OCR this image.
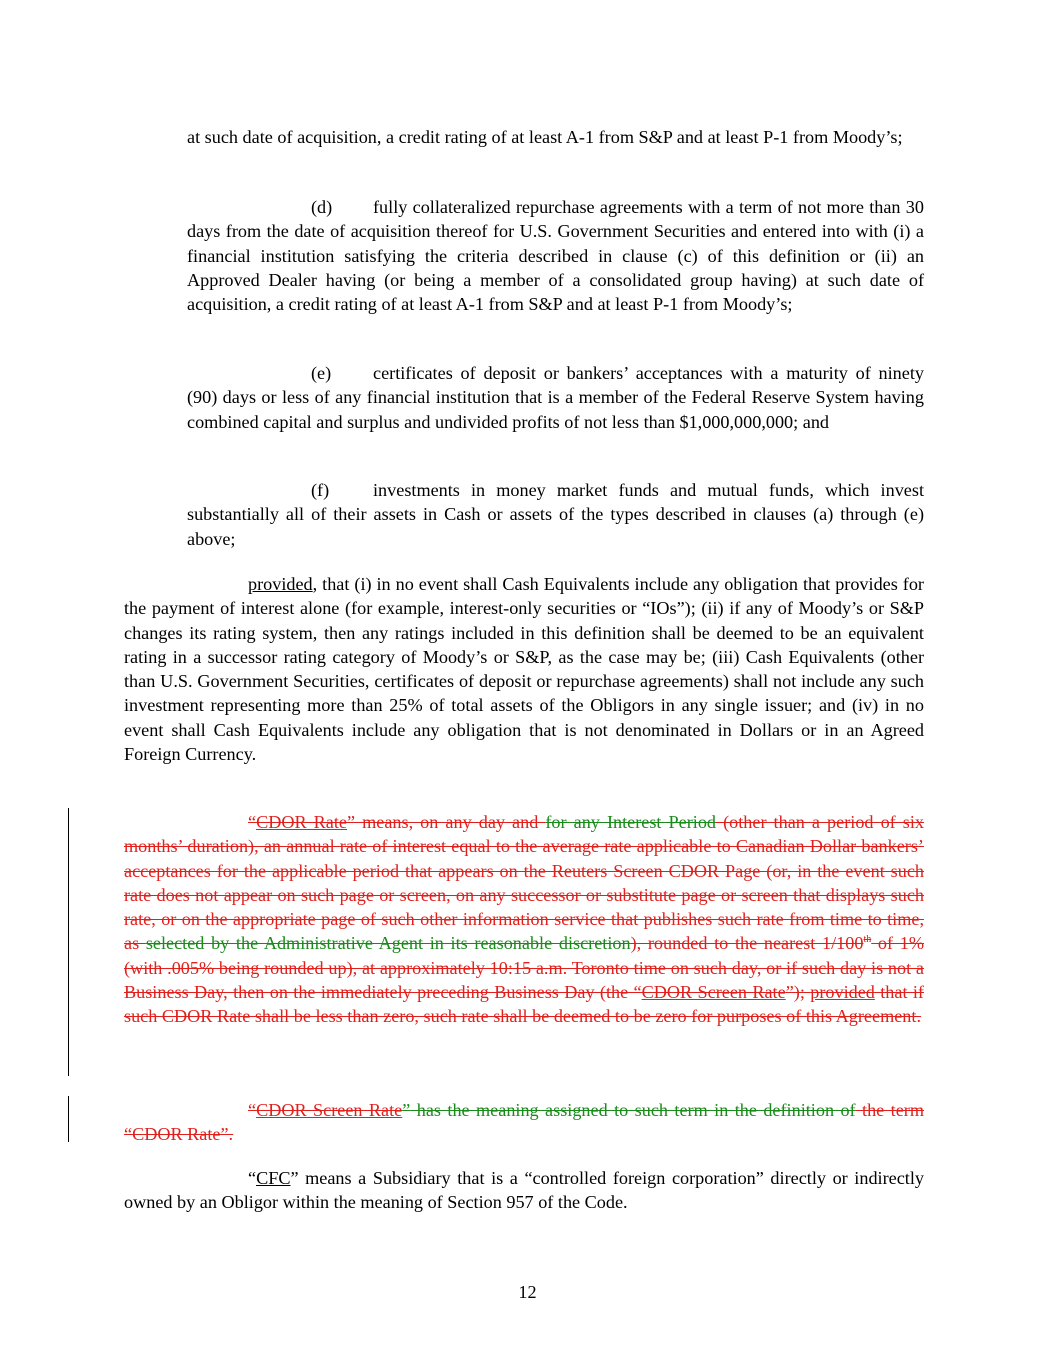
at such date of acquisition, a credit rating of at least A-1 from S&P and at least P-1 from Moody’s;

(d) fully collateralized repurchase agreements with a term of not more than 30 days from the date of acquisition thereof for U.S. Government Securities and entered into with (i) a financial institution satisfying the criteria described in clause (c) of this definition or (ii) an Approved Dealer having (or being a member of a consolidated group having) at such date of acquisition, a credit rating of at least A-1 from S&P and at least P-1 from Moody’s;

(e) certificates of deposit or bankers’ acceptances with a maturity of ninety (90) days or less of any financial institution that is a member of the Federal Reserve System having combined capital and surplus and undivided profits of not less than $1,000,000,000; and

(f) investments in money market funds and mutual funds, which invest substantially all of their assets in Cash or assets of the types described in clauses (a) through (e) above;

provided, that (i) in no event shall Cash Equivalents include any obligation that provides for the payment of interest alone (for example, interest-only securities or “IOs”); (ii) if any of Moody’s or S&P changes its rating system, then any ratings included in this definition shall be deemed to be an equivalent rating in a successor rating category of Moody’s or S&P, as the case may be; (iii) Cash Equivalents (other than U.S. Government Securities, certificates of deposit or repurchase agreements) shall not include any such investment representing more than 25% of total assets of the Obligors in any single issuer; and (iv) in no event shall Cash Equivalents include any obligation that is not denominated in Dollars or in an Agreed Foreign Currency.

“CDOR Rate” means, on any day and for any Interest Period (other than a period of six months’ duration), an annual rate of interest equal to the average rate applicable to Canadian Dollar bankers’ acceptances for the applicable period that appears on the Reuters Screen CDOR Page (or, in the event such rate does not appear on such page or screen, on any successor or substitute page or screen that displays such rate, or on the appropriate page of such other information service that publishes such rate from time to time, as selected by the Administrative Agent in its reasonable discretion), rounded to the nearest 1/100th of 1% (with .005% being rounded up), at approximately 10:15 a.m. Toronto time on such day, or if such day is not a Business Day, then on the immediately preceding Business Day (the “CDOR Screen Rate”); provided that if such CDOR Rate shall be less than zero, such rate shall be deemed to be zero for purposes of this Agreement.

“CDOR Screen Rate” has the meaning assigned to such term in the definition of the term “CDOR Rate”.

“CFC” means a Subsidiary that is a “controlled foreign corporation” directly or indirectly owned by an Obligor within the meaning of Section 957 of the Code.

12
